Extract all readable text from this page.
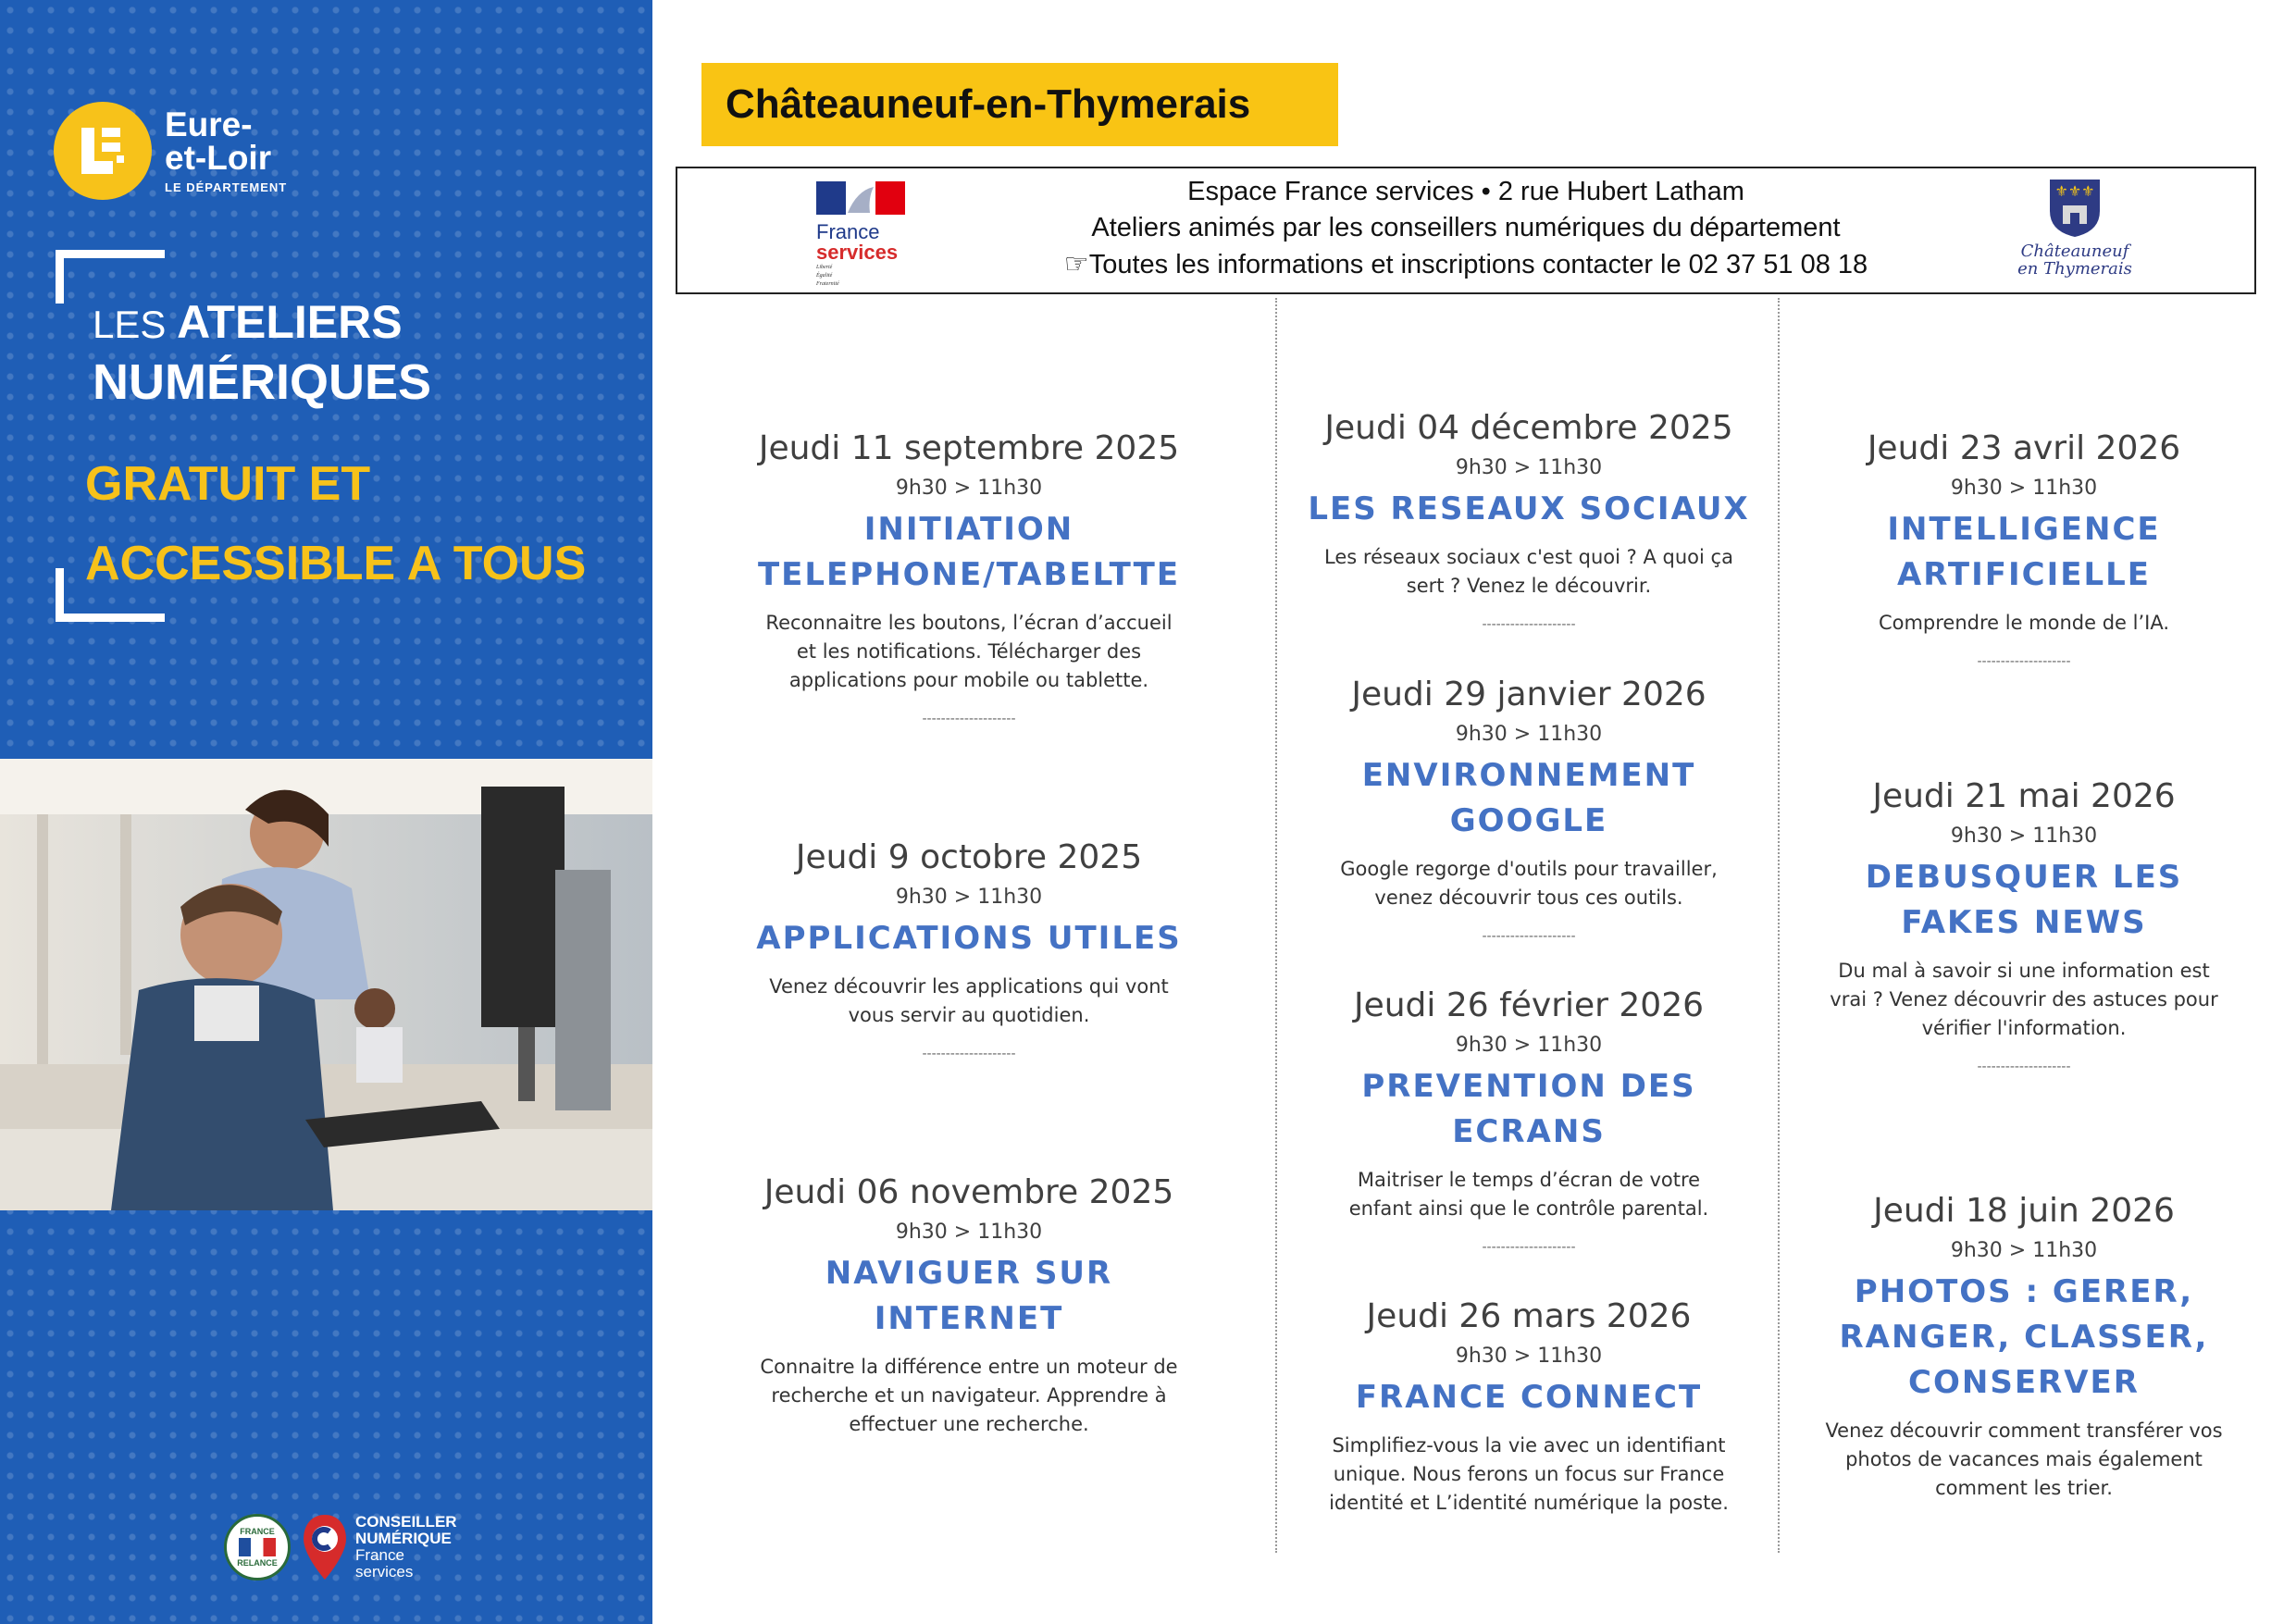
Eure-
et-Loir
LE DÉPARTEMENT
LES ATELIERS
NUMÉRIQUES
GRATUIT ET
ACCESSIBLE A TOUS
FRANCE
RELANCE
CONSEILLER
NUMÉRIQUE
France
services
Châteauneuf-en-Thymerais
France
services
Liberté
Égalité
Fraternité
Espace France services • 2 rue Hubert Latham
Ateliers animés par les conseillers numériques du département
☞Toutes les informations et inscriptions contacter le 02 37 51 08 18
⚜⚜⚜
Châteauneuf
en Thymerais
Jeudi 11 septembre 2025
9h30 > 11h30
INITIATION
TELEPHONE/TABELTTE
Reconnaitre les boutons, l’écran d’accueil
et les notifications. Télécharger des
applications pour mobile ou tablette.
--------------------
Jeudi 9 octobre 2025
9h30 > 11h30
APPLICATIONS UTILES
Venez découvrir les applications qui vont
vous servir au quotidien.
--------------------
Jeudi 06 novembre 2025
9h30 > 11h30
NAVIGUER SUR
INTERNET
Connaitre la différence entre un moteur de
recherche et un navigateur. Apprendre à
effectuer une recherche.
Jeudi 04 décembre 2025
9h30 > 11h30
LES RESEAUX SOCIAUX
Les réseaux sociaux c'est quoi ? A quoi ça
sert ? Venez le découvrir.
--------------------
Jeudi 29 janvier 2026
9h30 > 11h30
ENVIRONNEMENT
GOOGLE
Google regorge d'outils pour travailler,
venez découvrir tous ces outils.
--------------------
Jeudi 26 février 2026
9h30 > 11h30
PREVENTION DES
ECRANS
Maitriser le temps d’écran de votre
enfant ainsi que le contrôle parental.
--------------------
Jeudi 26 mars 2026
9h30 > 11h30
FRANCE CONNECT
Simplifiez-vous la vie avec un identifiant
unique. Nous ferons un focus sur France
identité et L’identité numérique la poste.
Jeudi 23 avril 2026
9h30 > 11h30
INTELLIGENCE
ARTIFICIELLE
Comprendre le monde de l’IA.
--------------------
Jeudi 21 mai 2026
9h30 > 11h30
DEBUSQUER LES
FAKES NEWS
Du mal à savoir si une information est
vrai ? Venez découvrir des astuces pour
vérifier l'information.
--------------------
Jeudi 18 juin 2026
9h30 > 11h30
PHOTOS : GERER,
RANGER, CLASSER,
CONSERVER
Venez découvrir comment transférer vos
photos de vacances mais également
comment les trier.
